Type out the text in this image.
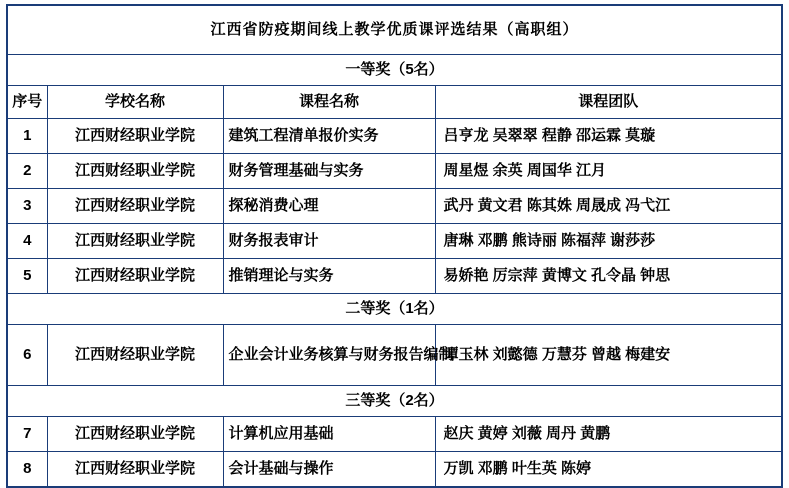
江西省防疫期间线上教学优质课评选结果（高职组）			
一等奖（5名）			
序号	学校名称	课程名称	课程团队
1	江西财经职业学院	建筑工程清单报价实务	吕亨龙 吴翠翠 程静 邵运霖 莫璇
2	江西财经职业学院	财务管理基础与实务	周星煜 余英 周国华 江月
3	江西财经职业学院	探秘消费心理	武丹 黄文君 陈其姝 周晟成 冯弋江
4	江西财经职业学院	财务报表审计	唐琳 邓鹏 熊诗丽 陈福萍 谢莎莎
5	江西财经职业学院	推销理论与实务	易娇艳 厉宗萍 黄博文 孔令晶 钟思
二等奖（1名）			
6	江西财经职业学院	企业会计业务核算与财务报告编制	谭玉林 刘懿德 万慧芬 曾越 梅建安
三等奖（2名）			
7	江西财经职业学院	计算机应用基础	赵庆 黄婷 刘薇 周丹 黄鹏
8	江西财经职业学院	会计基础与操作	万凯 邓鹏 叶生英 陈婷
